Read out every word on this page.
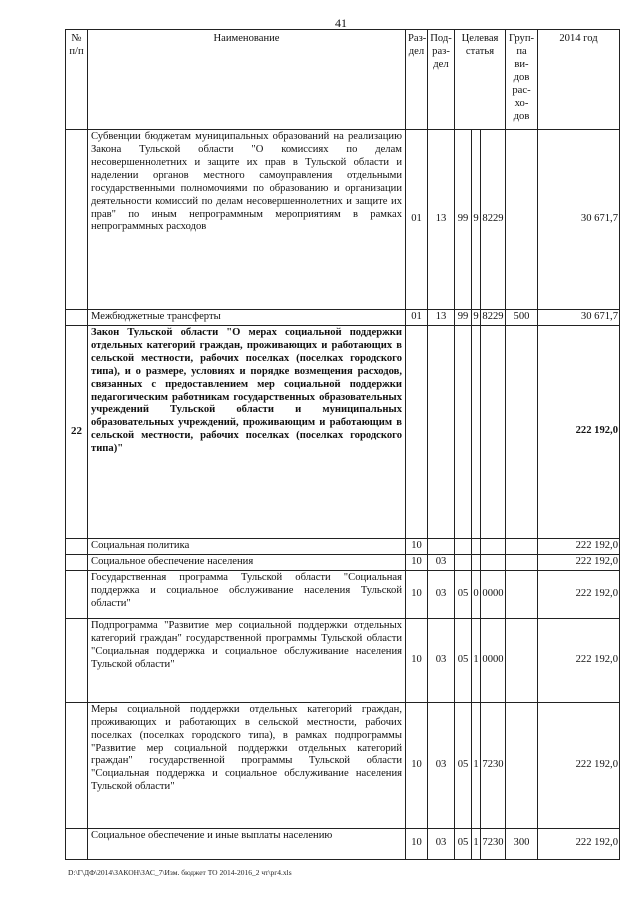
41
№ п/п	Наименование	Раз- дел	Под- раз- дел	Целевая статья			Груп- па ви- дов рас- хо- дов	2014 год
	Субвенции бюджетам муниципальных образований на реализацию Закона Тульской области "О комиссиях по делам несовершеннолетних и защите их прав в Тульской области и наделении органов местного самоуправления отдельными государственными полномочиями по образованию и организации деятельности комиссий по делам несовершеннолетних и защите их прав" по иным непрограммным мероприятиям в рамках непрограммных расходов	01	13	99	9	8229		30 671,7
	Межбюджетные трансферты	01	13	99	9	8229	500	30 671,7
22	Закон Тульской области "О мерах социальной поддержки отдельных категорий граждан, проживающих и работающих в сельской местности, рабочих поселках (поселках городского типа), и о размере, условиях и порядке возмещения расходов, связанных с предоставлением мер социальной поддержки педагогическим работникам государственных образовательных учреждений Тульской области и муниципальных образовательных учреждений, проживающим и работающим в сельской местности, рабочих поселках (поселках городского типа)"							222 192,0
	Социальная политика	10						222 192,0
	Социальное обеспечение населения	10	03					222 192,0
	Государственная программа Тульской области "Социальная поддержка и социальное обслуживание населения Тульской области"	10	03	05	0	0000		222 192,0
	Подпрограмма "Развитие мер социальной поддержки отдельных категорий граждан" государственной программы Тульской области "Социальная поддержка и социальное обслуживание населения Тульской области"	10	03	05	1	0000		222 192,0
	Меры социальной поддержки отдельных категорий граждан, проживающих и работающих в сельской местности, рабочих поселках (поселках городского типа), в рамках подпрограммы "Развитие мер социальной поддержки отдельных категорий граждан" государственной программы Тульской области "Социальная поддержка и социальное обслуживание населения Тульской области"	10	03	05	1	7230		222 192,0
	Социальное обеспечение и иные выплаты населению	10	03	05	1	7230	300	222 192,0
D:\Г\ДФ\2014\ЗАКОН\ЗАС_7\Изм. бюджет ТО 2014-2016_2 чт\рг4.xls
